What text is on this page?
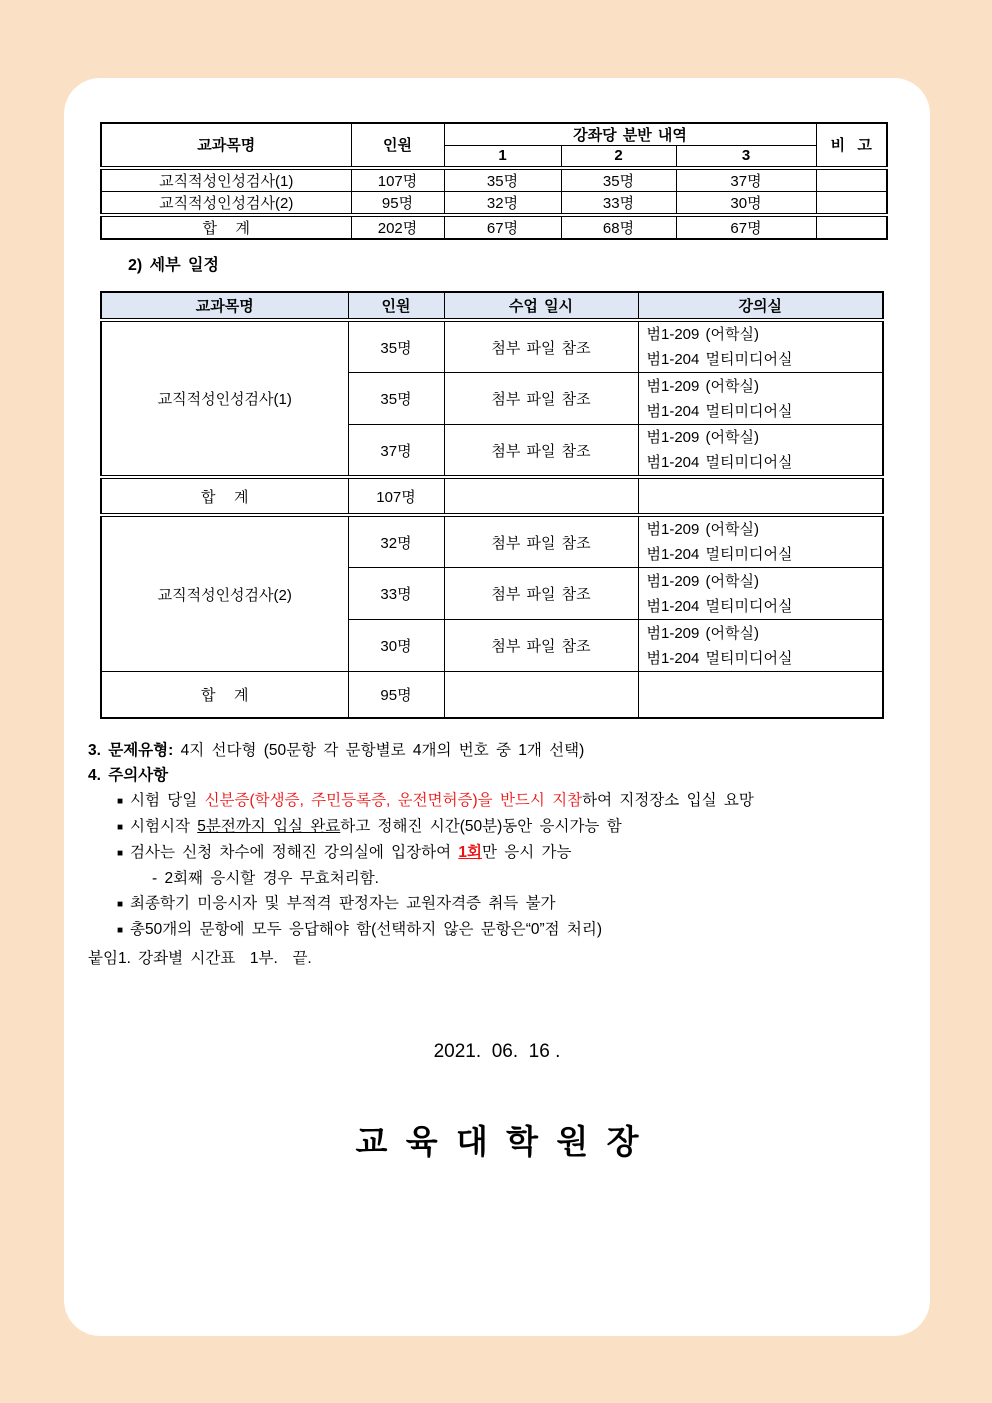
교과목명	인원	강좌당 분반 내역			비  고
		1	2	3	
교직적성인성검사(1)	107명	35명	35명	37명	
교직적성인성검사(2)	95명	32명	33명	30명	
합   계	202명	67명	68명	67명	
2) 세부 일정
교과목명	인원	수업 일시	강의실
교직적성인성검사(1)	35명	첨부 파일 참조	범1-209 (어학실)
범1-204 멀티미디어실

	35명	첨부 파일 참조	범1-209 (어학실)
범1-204 멀티미디어실

	37명	첨부 파일 참조	범1-209 (어학실)
범1-204 멀티미디어실

합   계	107명		
교직적성인성검사(2)	32명	첨부 파일 참조	범1-209 (어학실)
범1-204 멀티미디어실

	33명	첨부 파일 참조	범1-209 (어학실)
범1-204 멀티미디어실

	30명	첨부 파일 참조	범1-209 (어학실)
범1-204 멀티미디어실

합   계	95명		
3. 문제유형: 4지 선다형 (50문항 각 문항별로 4개의 번호 중 1개 선택)
4. 주의사항
■ 시험 당일 신분증(학생증, 주민등록증, 운전면허증)을 반드시 지참하여 지정장소 입실 요망
■ 시험시작 5분전까지 입실 완료하고 정해진 시간(50분)동안 응시가능 함
■ 검사는 신청 차수에 정해진 강의실에 입장하여 1회만 응시 가능
- 2회째 응시할 경우 무효처리함.
■ 최종학기 미응시자 및 부적격 판정자는 교원자격증 취득 불가
■ 총50개의 문항에 모두 응답해야 함(선택하지 않은 문항은“0”점 처리)
붙임1. 강좌별 시간표  1부.  끝.
2021.  06.  16 .
교  육  대  학  원  장
